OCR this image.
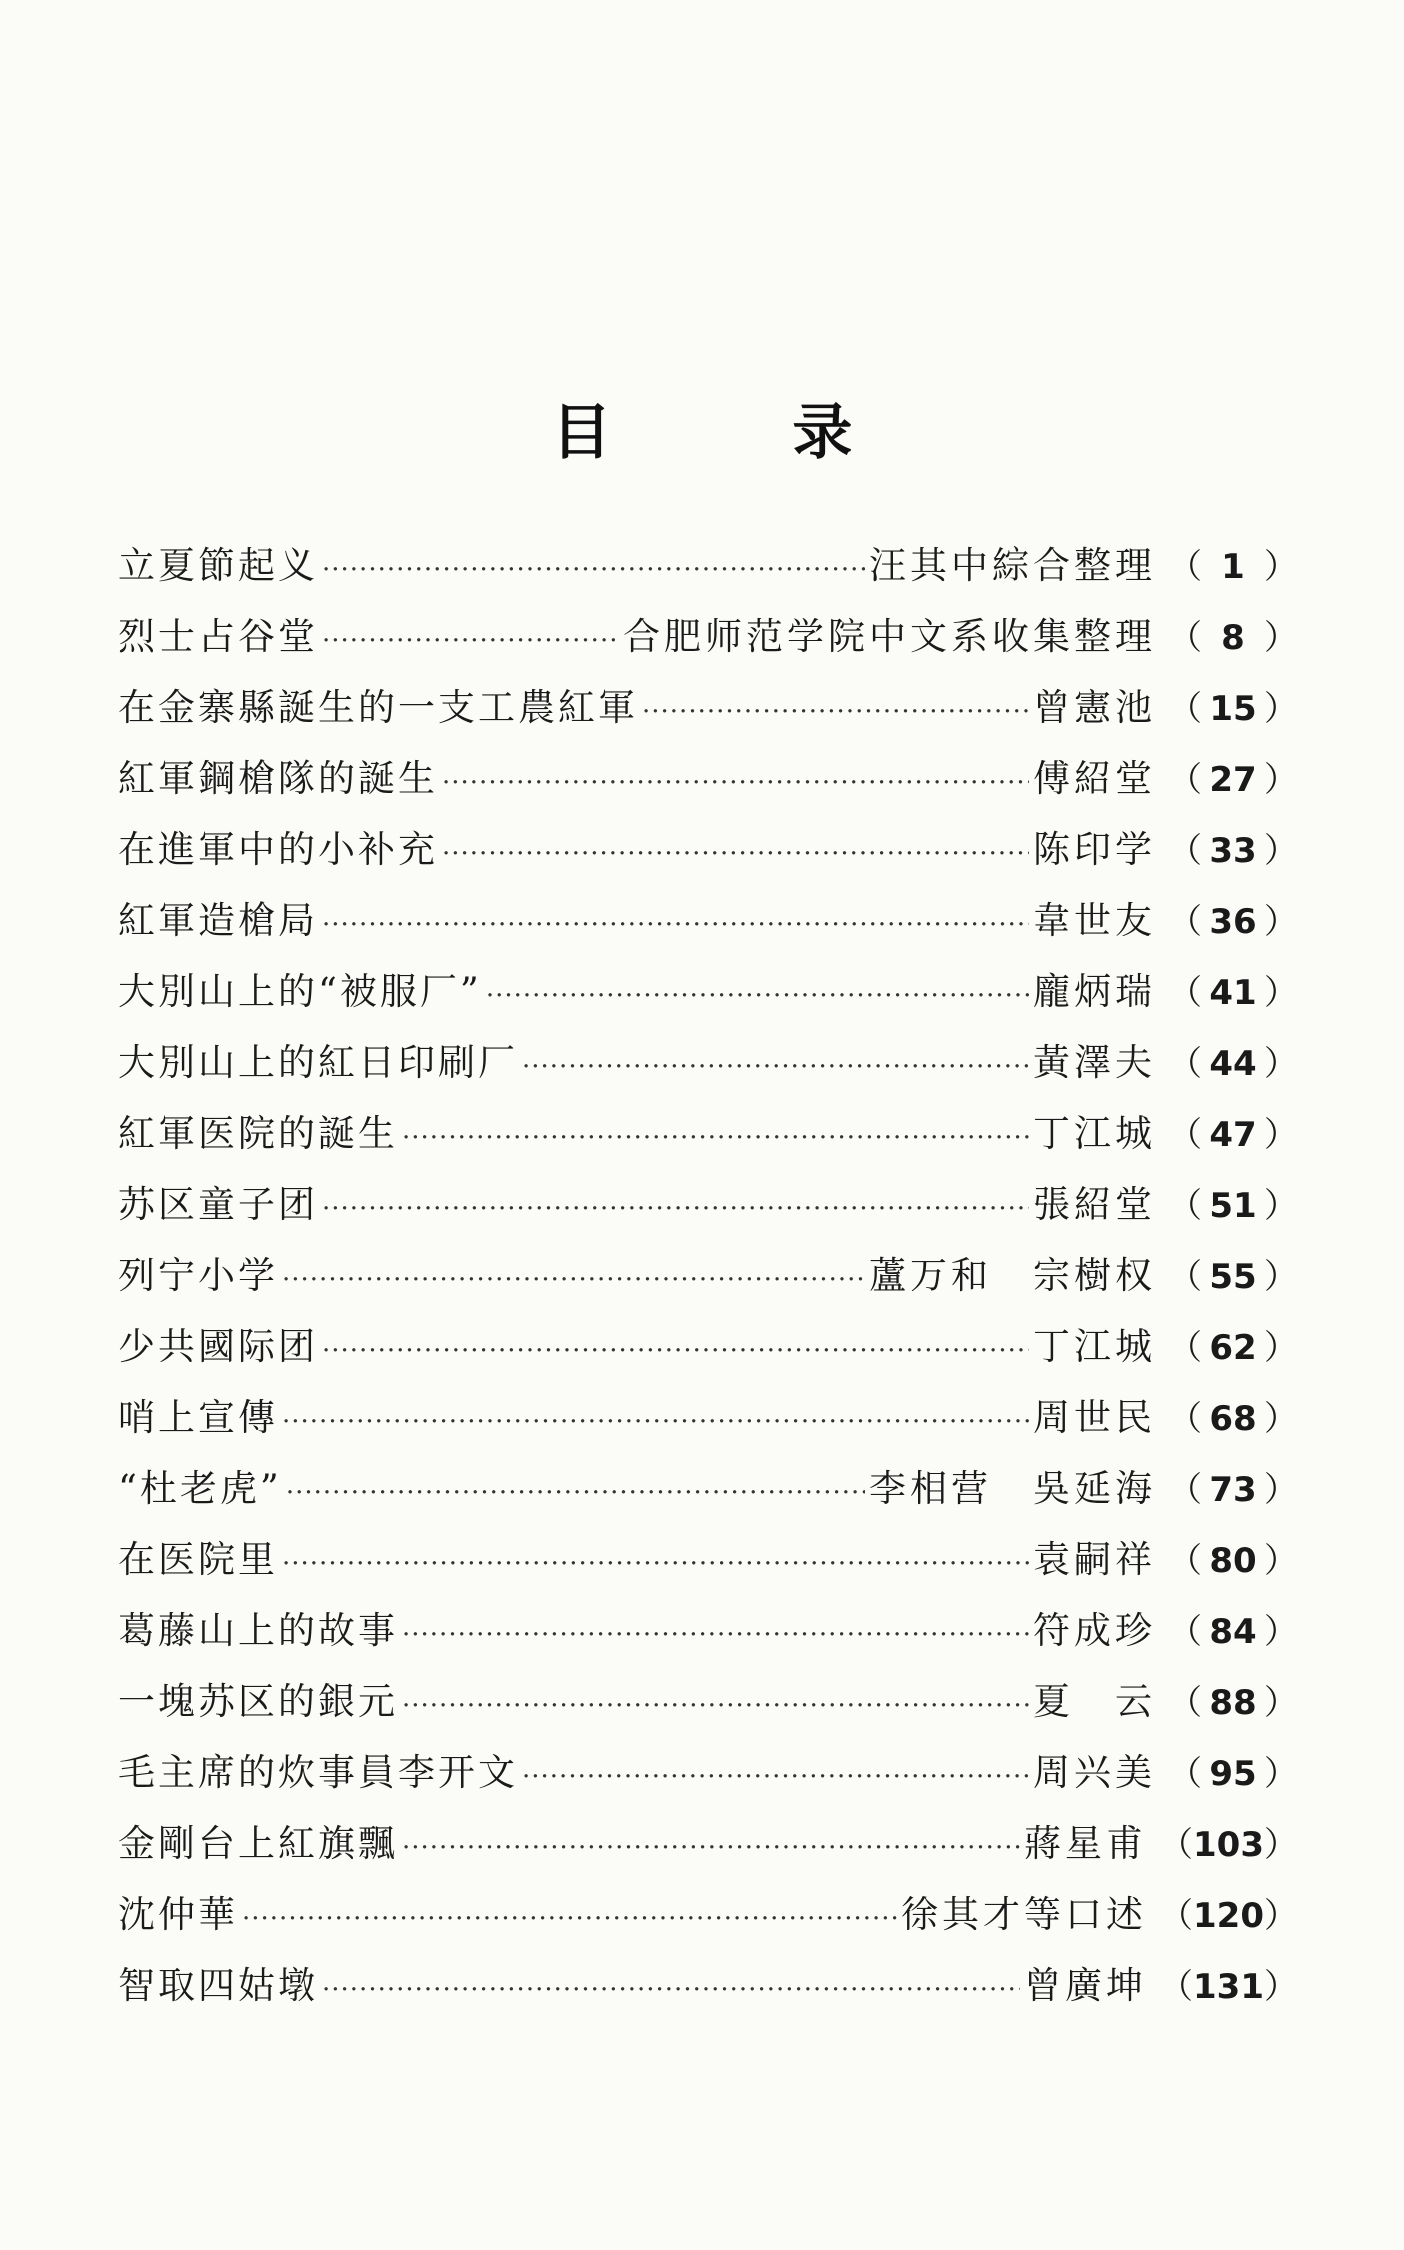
目 录
立夏節起义 ·····	汪其中綜合整理 （ 1 ）
烈士占谷堂 ·····	合肥师范学院中文系收集整理 （ 8 ）
在金寨縣誕生的一支工農紅軍 ·····	曾憲池 （ 15 ）
紅軍鋼槍隊的誕生 ·····	傅紹堂 （ 27 ）
在進軍中的小补充 ·····	陈印学 （ 33 ）
紅軍造槍局 ·····	韋世友 （ 36 ）
大別山上的“被服厂” ·····	龐炳瑞 （ 41 ）
大別山上的紅日印刷厂 ·····	黃澤夫 （ 44 ）
紅軍医院的誕生 ·····	丁江城 （ 47 ）
苏区童子团 ·····	張紹堂 （ 51 ）
列宁小学 ·····	蘆万和　宗樹权 （ 55 ）
少共國际团 ·····	丁江城 （ 62 ）
哨上宣傳 ·····	周世民 （ 68 ）
“杜老虎” ·····	李相营　吳延海 （ 73 ）
在医院里 ·····	袁嗣祥 （ 80 ）
葛藤山上的故事 ·····	符成珍 （ 84 ）
一塊苏区的銀元 ·····	夏　云 （ 88 ）
毛主席的炊事員李开文 ·····	周兴美 （ 95 ）
金剛台上紅旗飄 ·····	蔣星甫 （ 103 ）
沈仲華 ·····	徐其才等口述 （ 120 ）
智取四姑墩 ·····	曾廣坤 （ 131 ）
